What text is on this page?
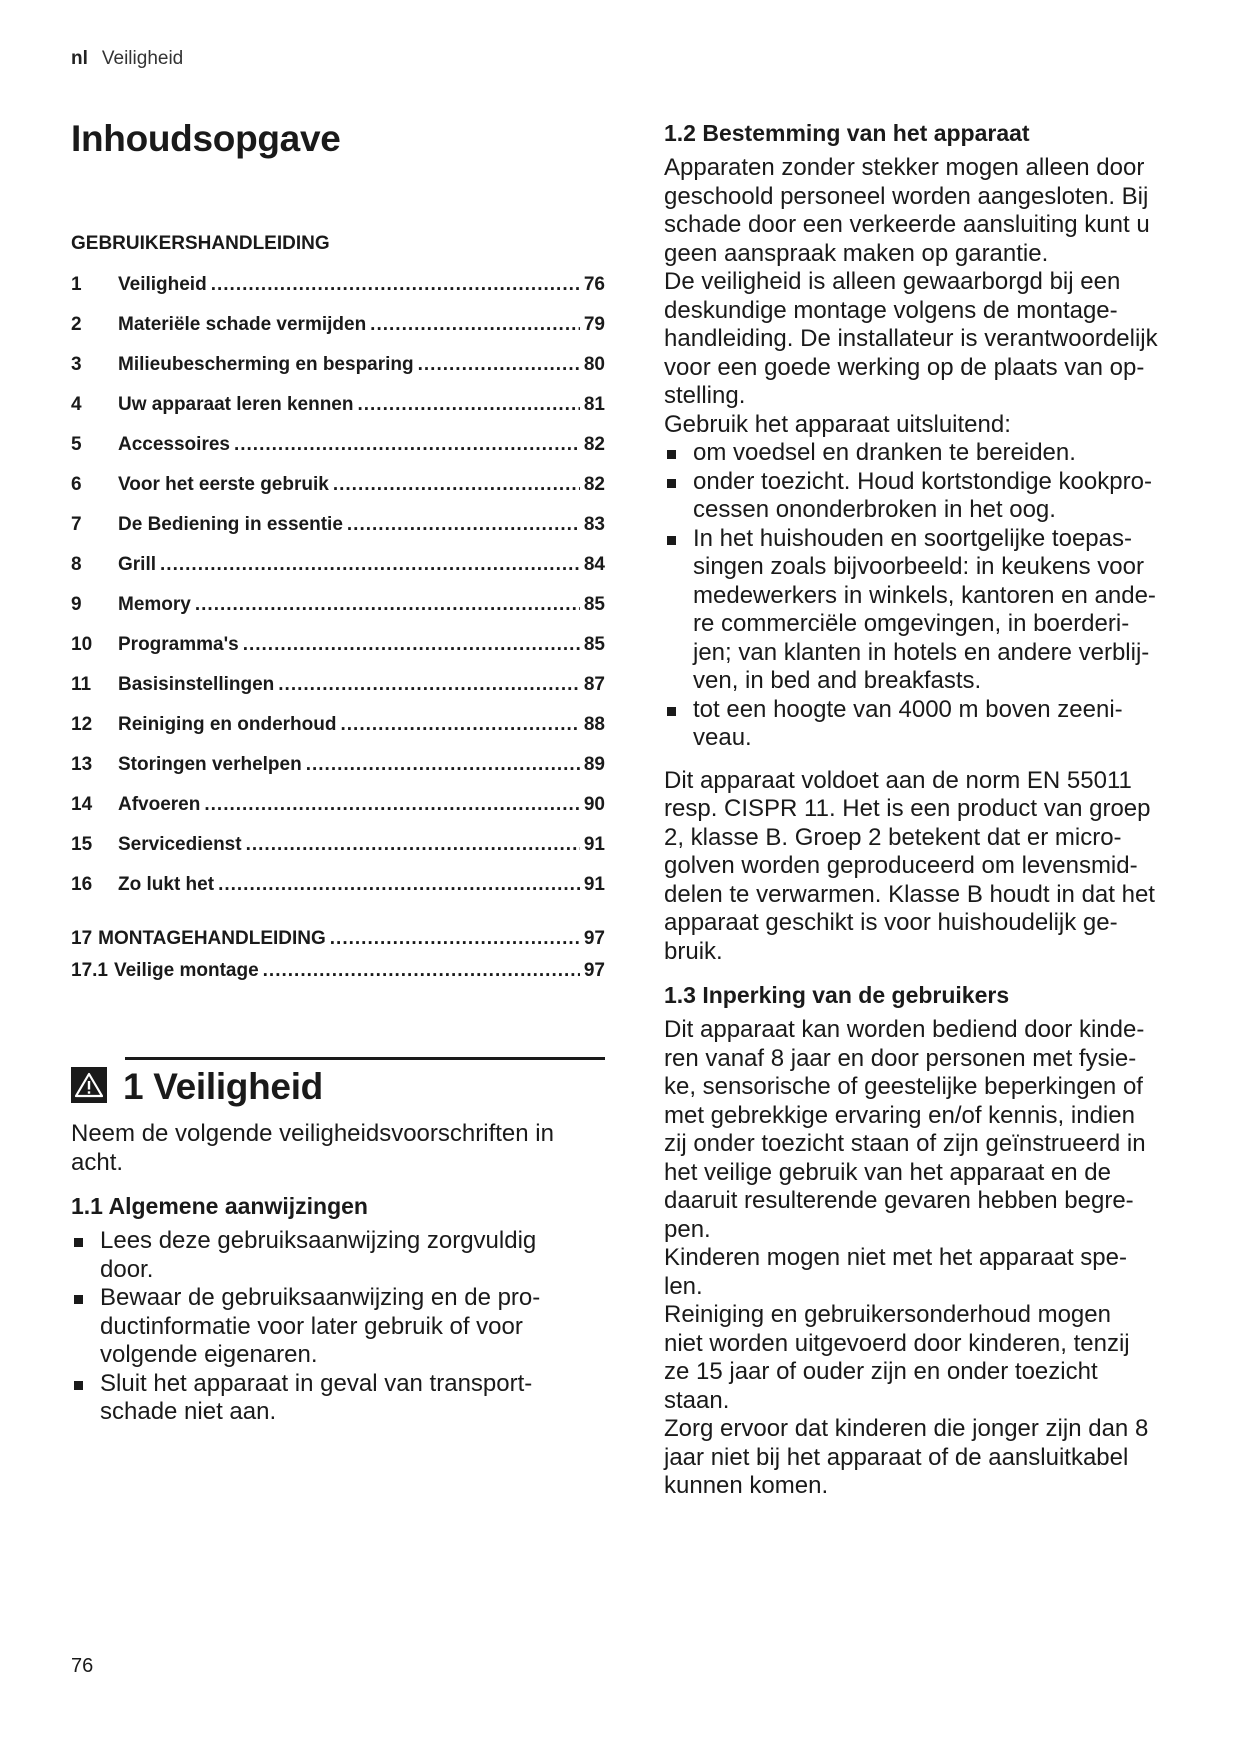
nl Veiligheid
Inhoudsopgave
GEBRUIKERSHANDLEIDING
1	Veiligheid .....	76
2	Materiële schade vermijden .....	79
3	Milieubescherming en besparing .....	80
4	Uw apparaat leren kennen .....	81
5	Accessoires .....	82
6	Voor het eerste gebruik .....	82
7	De Bediening in essentie .....	83
8	Grill .....	84
9	Memory .....	85
10	Programma's .....	85
11	Basisinstellingen .....	87
12	Reiniging en onderhoud .....	88
13	Storingen verhelpen .....	89
14	Afvoeren .....	90
15	Servicedienst .....	91
16	Zo lukt het .....	91
17 MONTAGEHANDLEIDING .....	97
17.1 Veilige montage .....	97
1 Veiligheid
Neem de volgende veiligheidsvoorschriften in
acht.
1.1 Algemene aanwijzingen
Lees deze gebruiksaanwijzing zorgvuldig
door.
Bewaar de gebruiksaanwijzing en de pro-
ductinformatie voor later gebruik of voor
volgende eigenaren.
Sluit het apparaat in geval van transport-
schade niet aan.
1.2 Bestemming van het apparaat
Apparaten zonder stekker mogen alleen door
geschoold personeel worden aangesloten. Bij
schade door een verkeerde aansluiting kunt u
geen aanspraak maken op garantie.
De veiligheid is alleen gewaarborgd bij een
deskundige montage volgens de montage-
handleiding. De installateur is verantwoordelijk
voor een goede werking op de plaats van op-
stelling.
Gebruik het apparaat uitsluitend:
om voedsel en dranken te bereiden.
onder toezicht. Houd kortstondige kookpro-
cessen ononderbroken in het oog.
In het huishouden en soortgelijke toepas-
singen zoals bijvoorbeeld: in keukens voor
medewerkers in winkels, kantoren en ande-
re commerciële omgevingen, in boerderi-
jen; van klanten in hotels en andere verblij-
ven, in bed and breakfasts.
tot een hoogte van 4000 m boven zeeni-
veau.
Dit apparaat voldoet aan de norm EN 55011
resp. CISPR 11. Het is een product van groep
2, klasse B. Groep 2 betekent dat er micro-
golven worden geproduceerd om levensmid-
delen te verwarmen. Klasse B houdt in dat het
apparaat geschikt is voor huishoudelijk ge-
bruik.
1.3 Inperking van de gebruikers
Dit apparaat kan worden bediend door kinde-
ren vanaf 8 jaar en door personen met fysie-
ke, sensorische of geestelijke beperkingen of
met gebrekkige ervaring en/of kennis, indien
zij onder toezicht staan of zijn geïnstrueerd in
het veilige gebruik van het apparaat en de
daaruit resulterende gevaren hebben begre-
pen.
Kinderen mogen niet met het apparaat spe-
len.
Reiniging en gebruikersonderhoud mogen
niet worden uitgevoerd door kinderen, tenzij
ze 15 jaar of ouder zijn en onder toezicht
staan.
Zorg ervoor dat kinderen die jonger zijn dan 8
jaar niet bij het apparaat of de aansluitkabel
kunnen komen.
76
